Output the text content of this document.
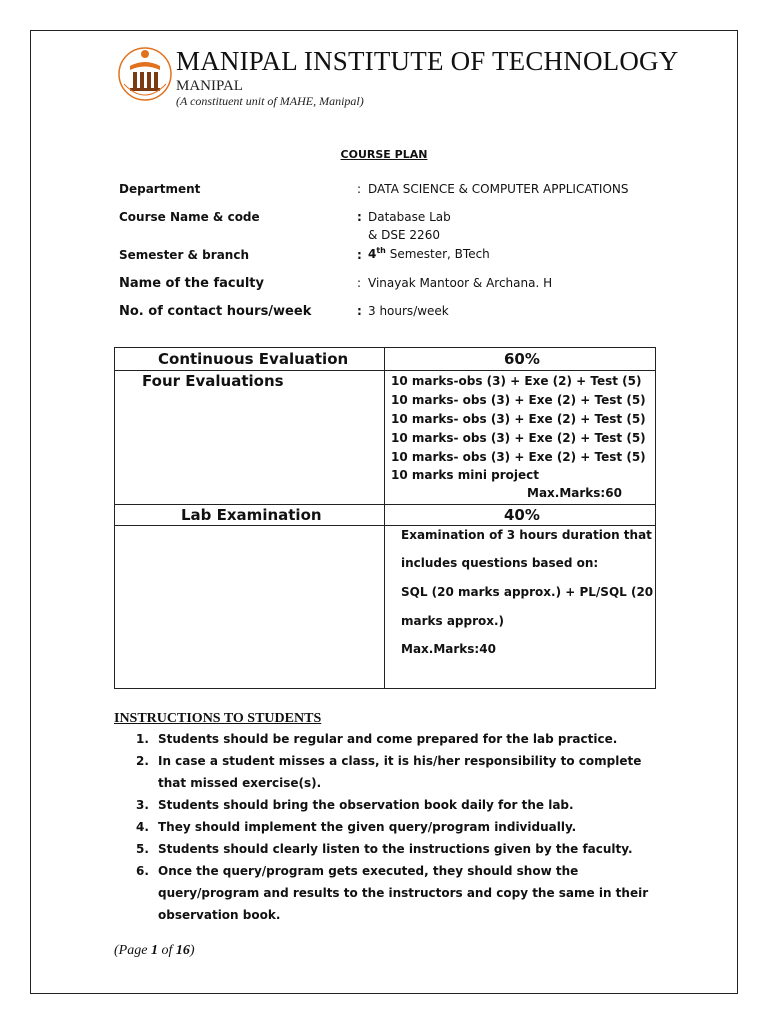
MANIPAL INSTITUTE OF TECHNOLOGY
MANIPAL
(A constituent unit of MAHE, Manipal)
COURSE PLAN
Department	: DATA SCIENCE & COMPUTER APPLICATIONS
Course Name & code	: Database Lab
& DSE 2260
Semester & branch	: 4th Semester, BTech
Name of the faculty	: Vinayak Mantoor & Archana. H
No. of contact hours/week	: 3 hours/week
Continuous Evaluation	60%
Four Evaluations	10 marks-obs (3) + Exe (2) + Test (5)
10 marks- obs (3) + Exe (2) + Test (5)
10 marks- obs (3) + Exe (2) + Test (5)
10 marks- obs (3) + Exe (2) + Test (5)
10 marks- obs (3) + Exe (2) + Test (5)
10 marks mini project
Max.Marks:60
Lab Examination	40%
Examination of 3 hours duration that
includes questions based on:
SQL (20 marks approx.) + PL/SQL (20
marks approx.)
Max.Marks:40
INSTRUCTIONS TO STUDENTS
1. Students should be regular and come prepared for the lab practice.
2. In case a student misses a class, it is his/her responsibility to complete that missed exercise(s).
3. Students should bring the observation book daily for the lab.
4. They should implement the given query/program individually.
5. Students should clearly listen to the instructions given by the faculty.
6. Once the query/program gets executed, they should show the query/program and results to the instructors and copy the same in their observation book.
(Page 1 of 16)
